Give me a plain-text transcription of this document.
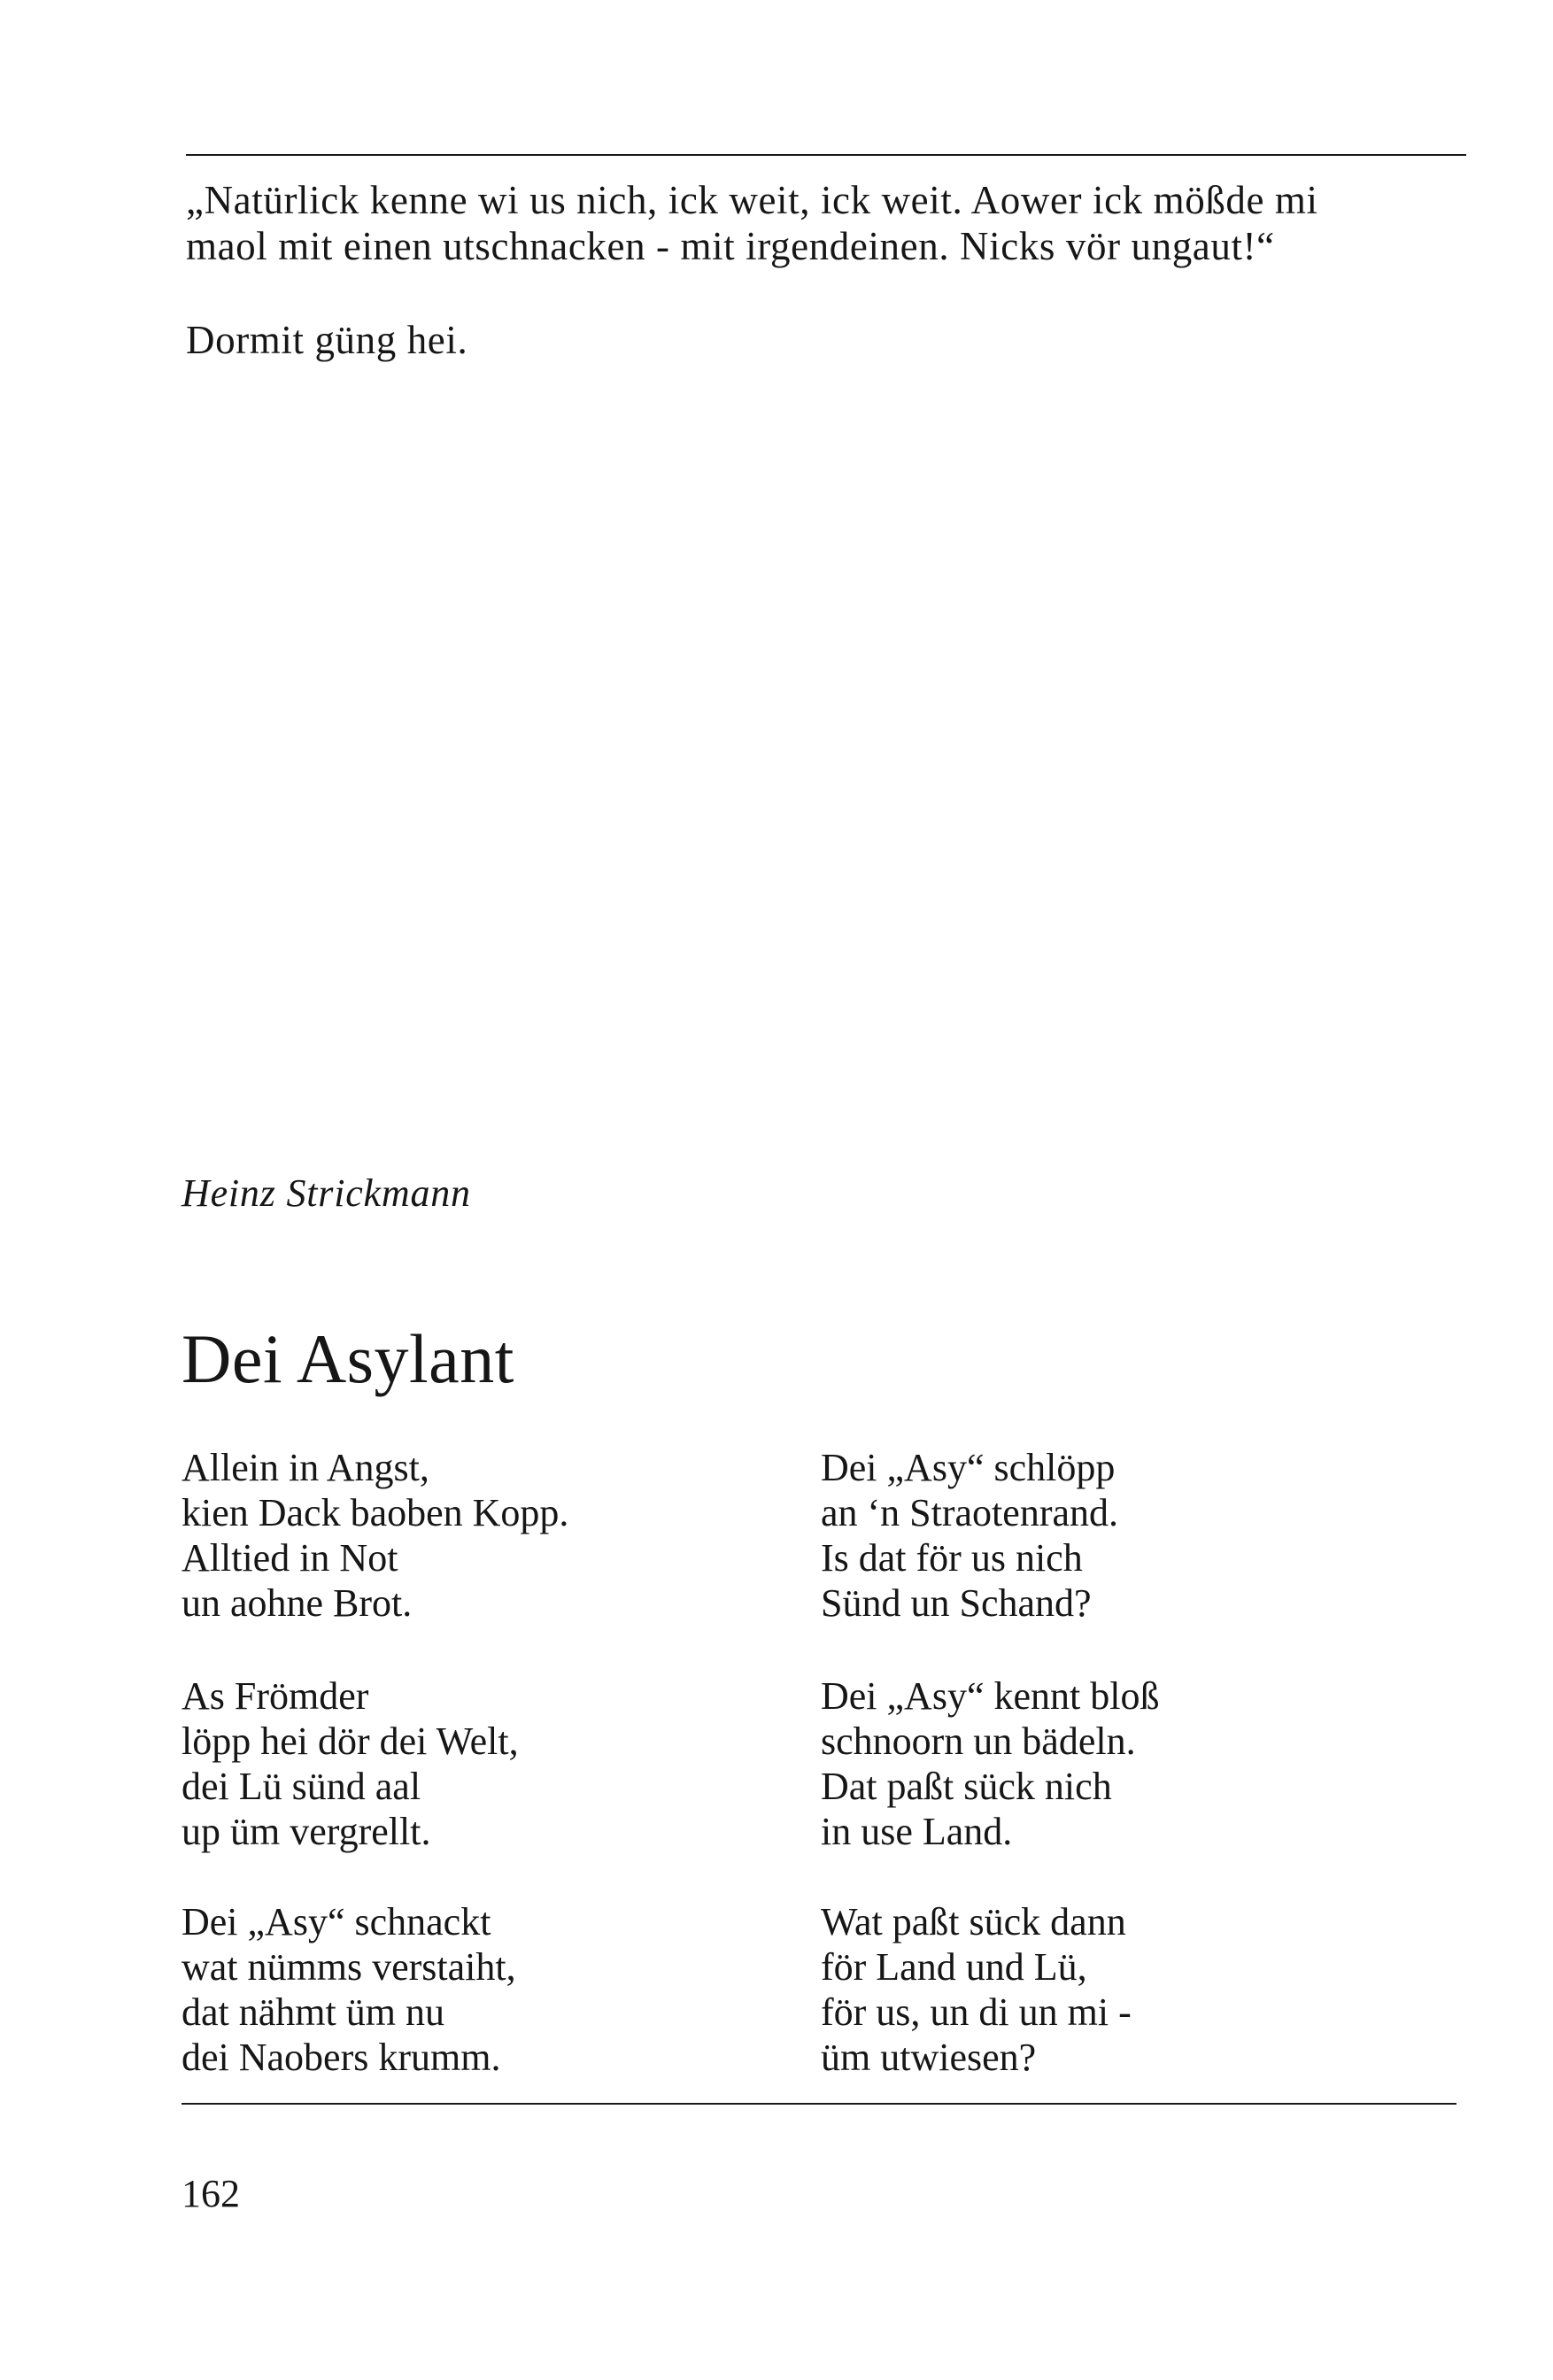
„Natürlick kenne wi us nich, ick weit, ick weit. Aower ick mößde mi

maol mit einen utschnacken - mit irgendeinen. Nicks vör ungaut!“

Dormit güng hei.

Heinz Strickmann
Dei Asylant
Allein in Angst,
kien Dack baoben Kopp.
Alltied in Not
un aohne Brot.
Dei „Asy“ schlöpp
an ‘n Straotenrand.
Is dat för us nich
Sünd un Schand?
As Frömder
löpp hei dör dei Welt,
dei Lü sünd aal
up üm vergrellt.
Dei „Asy“ kennt bloß
schnoorn un bädeln.
Dat paßt sück nich
in use Land.
Dei „Asy“ schnackt
wat nümms verstaiht,
dat nähmt üm nu
dei Naobers krumm.
Wat paßt sück dann
för Land und Lü,
för us, un di un mi -
üm utwiesen?
162
